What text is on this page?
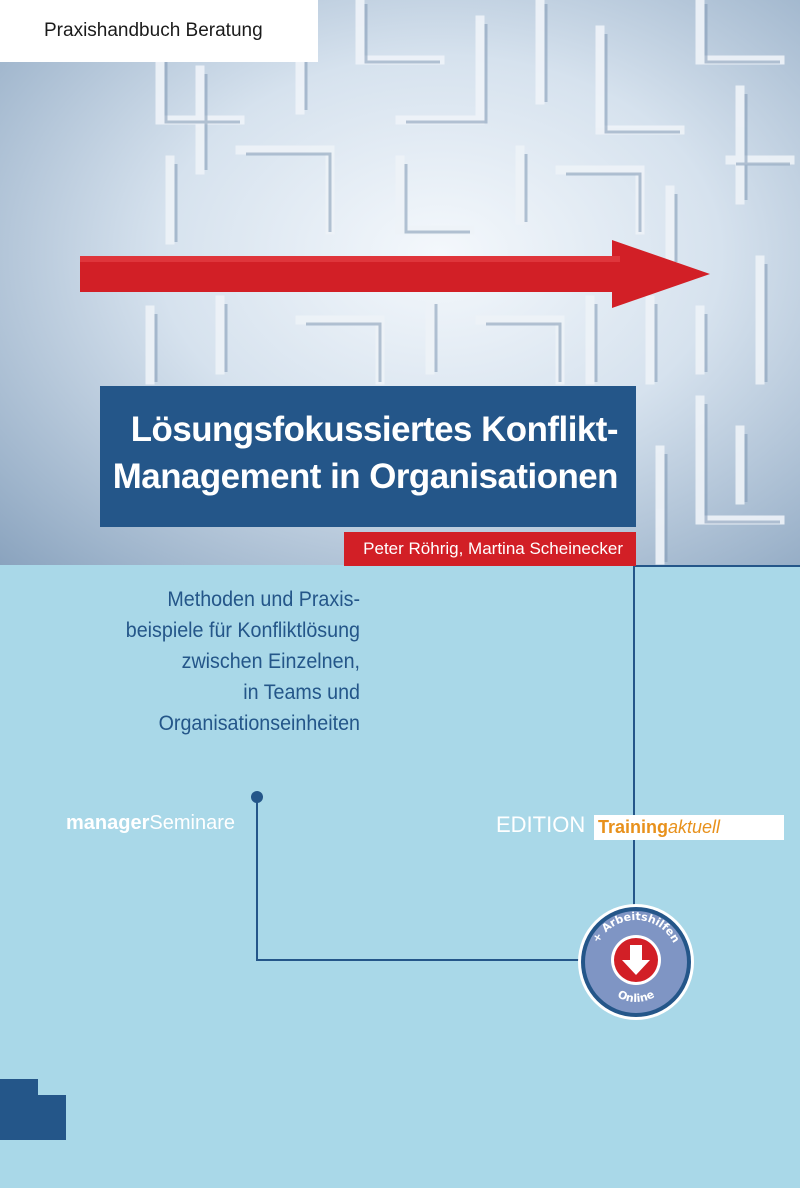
Praxishandbuch Beratung
Lösungsfokussiertes Konflikt-
Management in Organisationen
Peter Röhrig, Martina Scheinecker
Methoden und Praxis-
beispiele für Konfliktlösung
zwischen Einzelnen,
in Teams und
Organisationseinheiten
+ Arbeitshilfen
Online
managerSeminare	EDITION Training aktuell
